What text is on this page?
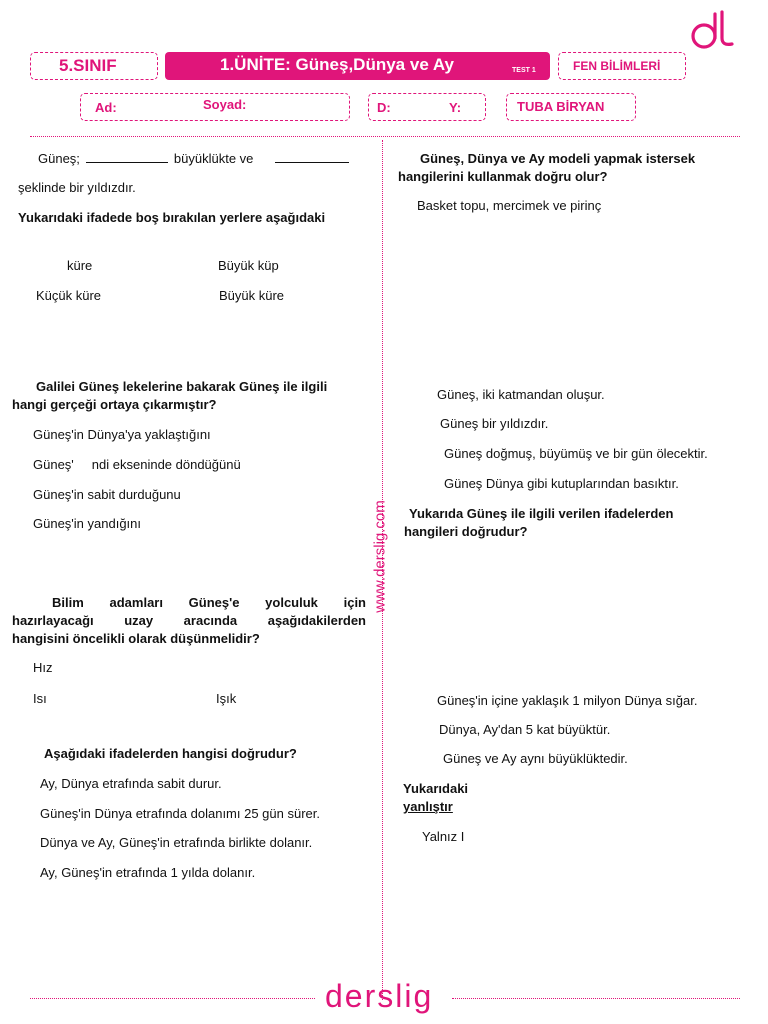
5.SINIF	1.ÜNİTE: Güneş,Dünya ve Ay	TEST 1	FEN BİLİMLERİ
Ad:	Soyad:	D:	Y:	TUBA BİRYAN
www.derslig.com
Güneş;	büyüklükte ve
şeklinde bir yıldızdır.
Yukarıdaki ifadede boş bırakılan yerlere aşağıdaki
küre	Büyük küp
Küçük küre	Büyük küre
Galilei Güneş lekelerine bakarak Güneş ile ilgili
hangi gerçeği ortaya çıkarmıştır?
Güneş'in Dünya'ya yaklaştığını
Güneş' ndi ekseninde döndüğünü
Güneş'in sabit durduğunu
Güneş'in yandığını
Bilim adamları Güneş'e yolculuk için
hazırlayacağı uzay aracında aşağıdakilerden
hangisini öncelikli olarak düşünmelidir?
Hız
Isı	Işık
Aşağıdaki ifadelerden hangisi doğrudur?
Ay, Dünya etrafında sabit durur.
Güneş'in Dünya etrafında dolanımı 25 gün sürer.
Dünya ve Ay, Güneş'in etrafında birlikte dolanır.
Ay, Güneş'in etrafında 1 yılda dolanır.
Güneş, Dünya ve Ay modeli yapmak istersek
hangilerini kullanmak doğru olur?
Basket topu, mercimek ve pirinç
Güneş, iki katmandan oluşur.
Güneş bir yıldızdır.
Güneş doğmuş, büyümüş ve bir gün ölecektir.
Güneş Dünya gibi kutuplarından basıktır.
Yukarıda Güneş ile ilgili verilen ifadelerden
hangileri doğrudur?
Güneş'in içine yaklaşık 1 milyon Dünya sığar.
Dünya, Ay'dan 5 kat büyüktür.
Güneş ve Ay aynı büyüklüktedir.
Yukarıdaki
yanlıştır
Yalnız I
derslig
